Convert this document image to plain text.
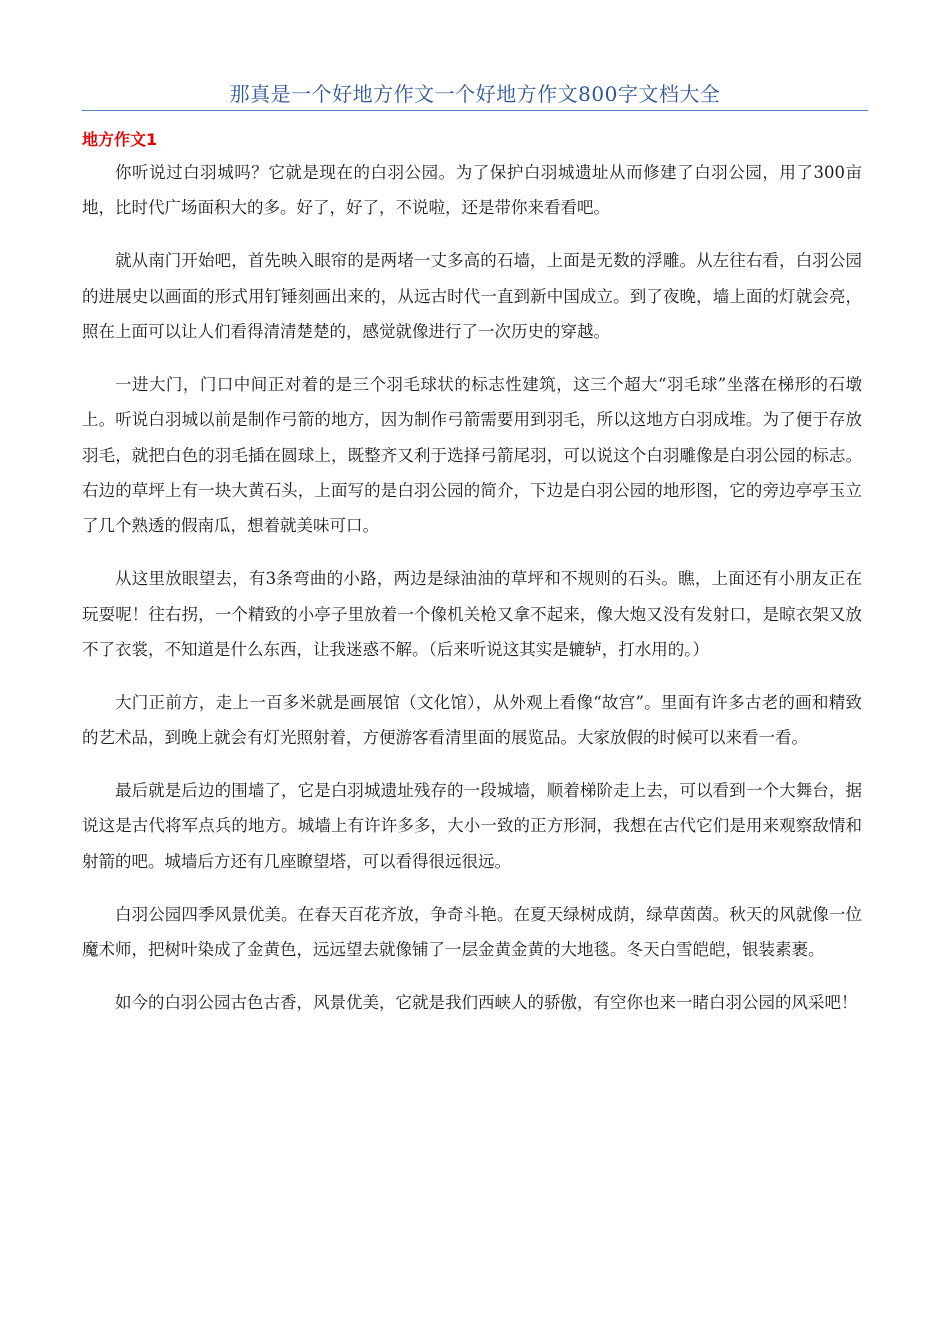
那真是一个好地方作文一个好地方作文800字文档大全
地方作文1

你听说过白羽城吗？它就是现在的白羽公园。为了保护白羽城遗址从而修建了白羽公园，用了300亩地，比时代广场面积大的多。好了，好了，不说啦，还是带你来看看吧。

就从南门开始吧，首先映入眼帘的是两堵一丈多高的石墙，上面是无数的浮雕。从左往右看，白羽公园的进展史以画面的形式用钉锤刻画出来的，从远古时代一直到新中国成立。到了夜晚，墙上面的灯就会亮，照在上面可以让人们看得清清楚楚的，感觉就像进行了一次历史的穿越。

一进大门，门口中间正对着的是三个羽毛球状的标志性建筑，这三个超大“羽毛球”坐落在梯形的石墩上。听说白羽城以前是制作弓箭的地方，因为制作弓箭需要用到羽毛，所以这地方白羽成堆。为了便于存放羽毛，就把白色的羽毛插在圆球上，既整齐又利于选择弓箭尾羽，可以说这个白羽雕像是白羽公园的标志。右边的草坪上有一块大黄石头，上面写的是白羽公园的简介，下边是白羽公园的地形图，它的旁边亭亭玉立了几个熟透的假南瓜，想着就美味可口。

从这里放眼望去，有3条弯曲的小路，两边是绿油油的草坪和不规则的石头。瞧，上面还有小朋友正在玩耍呢！往右拐，一个精致的小亭子里放着一个像机关枪又拿不起来，像大炮又没有发射口，是晾衣架又放不了衣裳，不知道是什么东西，让我迷惑不解。（后来听说这其实是辘轳，打水用的。）

大门正前方，走上一百多米就是画展馆（文化馆），从外观上看像“故宫”。里面有许多古老的画和精致的艺术品，到晚上就会有灯光照射着，方便游客看清里面的展览品。大家放假的时候可以来看一看。

最后就是后边的围墙了，它是白羽城遗址残存的一段城墙，顺着梯阶走上去，可以看到一个大舞台，据说这是古代将军点兵的地方。城墙上有许许多多，大小一致的正方形洞，我想在古代它们是用来观察敌情和射箭的吧。城墙后方还有几座瞭望塔，可以看得很远很远。

白羽公园四季风景优美。在春天百花齐放，争奇斗艳。在夏天绿树成荫，绿草茵茵。秋天的风就像一位魔术师，把树叶染成了金黄色，远远望去就像铺了一层金黄金黄的大地毯。冬天白雪皑皑，银装素裹。

如今的白羽公园古色古香，风景优美，它就是我们西峡人的骄傲，有空你也来一睹白羽公园的风采吧！
